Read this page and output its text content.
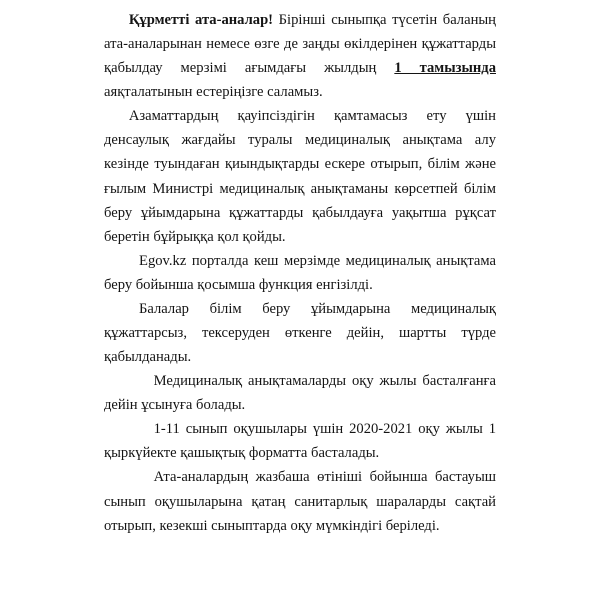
Құрметті ата-аналар! Бірінші сыныпқа түсетін баланың ата-аналарынан немесе өзге де заңды өкілдерінен құжаттарды қабылдау мерзімі ағымдағы жылдың 1 тамызында аяқталатынын естеріңізге саламыз.

Азаматтардың қауіпсіздігін қамтамасыз ету үшін денсаулық жағдайы туралы медициналық анықтама алу кезінде туындаған қиындықтарды ескере отырып, білім және ғылым Министрі медициналық анықтаманы көрсетпей білім беру ұйымдарына құжаттарды қабылдауға уақытша рұқсат беретін бұйрыққа қол қойды.

Egov.kz порталда кеш мерзімде медициналық анықтама беру бойынша қосымша функция енгізілді.

Балалар білім беру ұйымдарына медициналық құжаттарсыз, тексеруден өткенге дейін, шартты түрде қабылданады.

Медициналық анықтамаларды оқу жылы басталғанға дейін ұсынуға болады.

1-11 сынып оқушылары үшін 2020-2021 оқу жылы 1 қыркүйекте қашықтық форматта басталады.

Ата-аналардың жазбаша өтініші бойынша бастауыш сынып оқушыларына қатаң санитарлық шараларды сақтай отырып, кезекші сыныптарда оқу мүмкіндігі беріледі.
